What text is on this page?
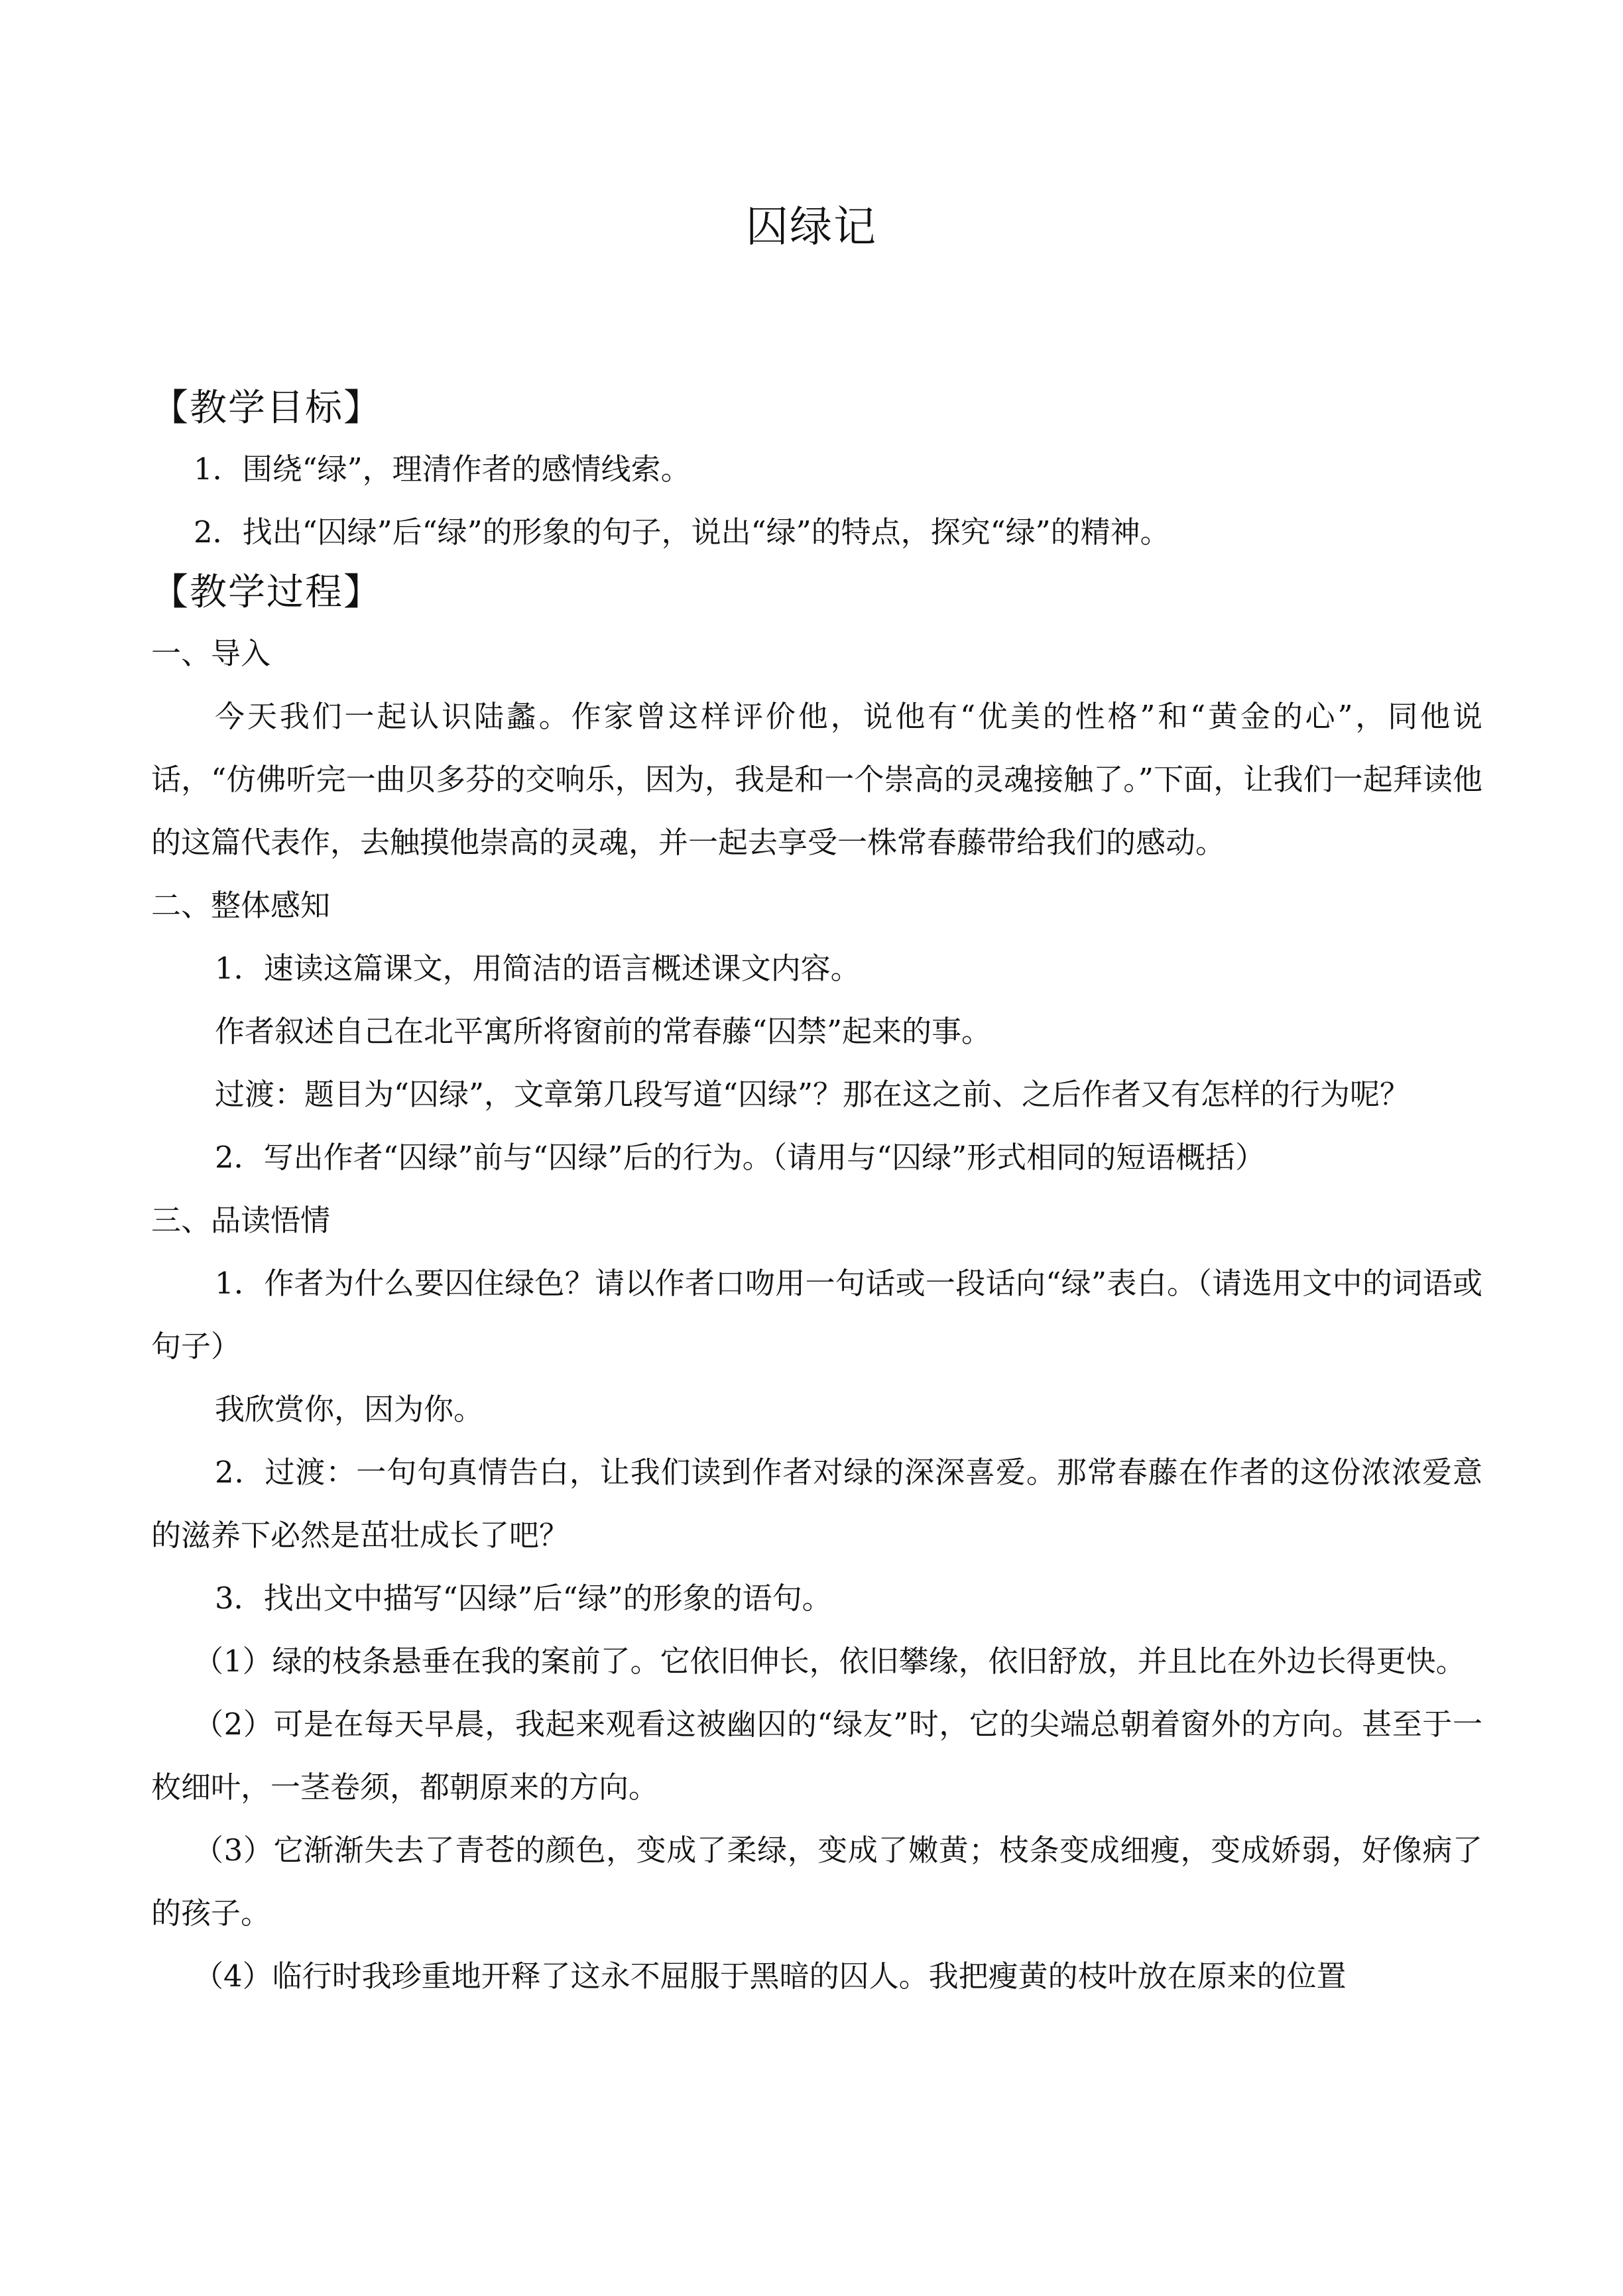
囚绿记
【教学目标】

1．围绕“绿”，理清作者的感情线索。

2．找出“囚绿”后“绿”的形象的句子，说出“绿”的特点，探究“绿”的精神。

【教学过程】

一、导入

今天我们一起认识陆蠡。作家曾这样评价他，说他有“优美的性格”和“黄金的心”，同他说话，“仿佛听完一曲贝多芬的交响乐，因为，我是和一个崇高的灵魂接触了。”下面，让我们一起拜读他的这篇代表作，去触摸他崇高的灵魂，并一起去享受一株常春藤带给我们的感动。

二、整体感知

1．速读这篇课文，用简洁的语言概述课文内容。

作者叙述自己在北平寓所将窗前的常春藤“囚禁”起来的事。

过渡：题目为“囚绿”，文章第几段写道“囚绿”？那在这之前、之后作者又有怎样的行为呢？

2．写出作者“囚绿”前与“囚绿”后的行为。（请用与“囚绿”形式相同的短语概括）

三、品读悟情

1．作者为什么要囚住绿色？请以作者口吻用一句话或一段话向“绿”表白。（请选用文中的词语或句子）

我欣赏你，因为你。

2．过渡：一句句真情告白，让我们读到作者对绿的深深喜爱。那常春藤在作者的这份浓浓爱意的滋养下必然是茁壮成长了吧？

3．找出文中描写“囚绿”后“绿”的形象的语句。

（1）绿的枝条悬垂在我的案前了。它依旧伸长，依旧攀缘，依旧舒放，并且比在外边长得更快。

（2）可是在每天早晨，我起来观看这被幽囚的“绿友”时，它的尖端总朝着窗外的方向。甚至于一枚细叶，一茎卷须，都朝原来的方向。

（3）它渐渐失去了青苍的颜色，变成了柔绿，变成了嫩黄；枝条变成细瘦，变成娇弱，好像病了的孩子。

（4）临行时我珍重地开释了这永不屈服于黑暗的囚人。我把瘦黄的枝叶放在原来的位置
